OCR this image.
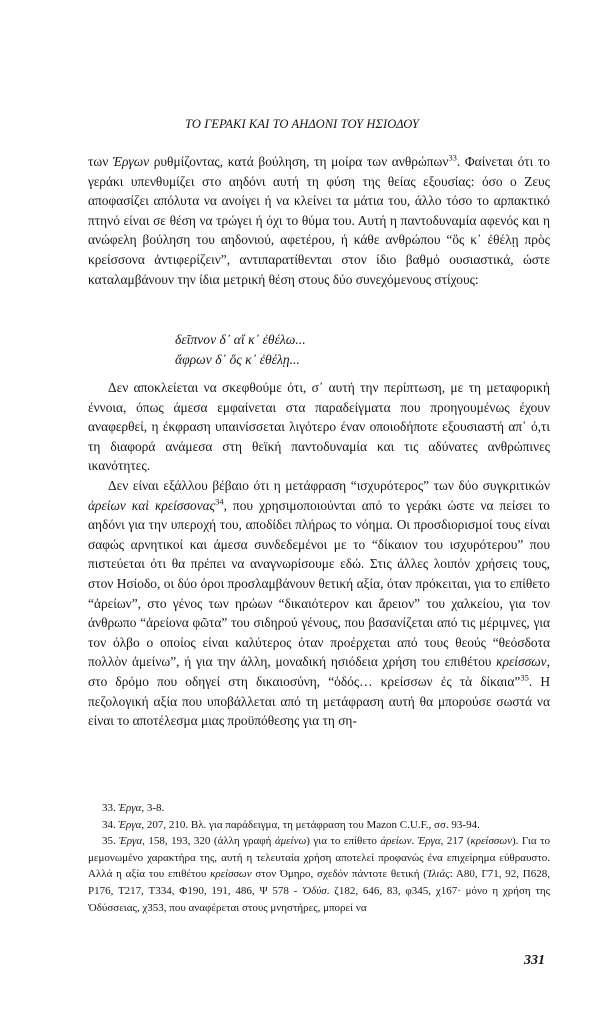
ΤΟ ΓΕΡΑΚΙ ΚΑΙ ΤΟ ΑΗΔΟΝΙ ΤΟΥ ΗΣΙΟΔΟΥ

των Έργων ρυθμίζοντας, κατά βούληση, τη μοίρα των ανθρώπων$^{33}$. Φαίνεται ότι το γεράκι υπενθυμίζει στο αηδόνι αυτή τη φύση της θείας εξουσίας: όσο ο Ζευς αποφασίζει απόλυτα να ανοίγει ή να κλείνει τα μάτια του, άλλο τόσο το αρπακτικό πτηνό είναι σε θέση να τρώγει ή όχι το θύμα του. Αυτή η παντοδυναμία αφενός και η ανώφελη βούληση του αηδονιού, αφετέρου, ή κάθε ανθρώπου “ὃς κ᾽ ἐθέλῃ πρὸς κρείσσονα ἀντιφερίζειν”, αντιπαρατίθενται στον ίδιο βαθμό ουσιαστικά, ώστε καταλαμβάνουν την ίδια μετρική θέση στους δύο συνεχόμενους στίχους:

δεῖπνον δ᾽ αἴ κ᾽ ἐθέλω...
ἄφρων δ᾽ ὅς κ᾽ ἐθέλῃ...

Δεν αποκλείεται να σκεφθούμε ότι, σ᾽ αυτή την περίπτωση, με τη μεταφορική έννοια, όπως άμεσα εμφαίνεται στα παραδείγματα που προηγουμένως έχουν αναφερθεί, η έκφραση υπαινίσσεται λιγότερο έναν οποιοδήποτε εξουσιαστή απ᾽ ό,τι τη διαφορά ανάμεσα στη θεϊκή παντοδυναμία και τις αδύνατες ανθρώπινες ικανότητες.

Δεν είναι εξάλλου βέβαιο ότι η μετάφραση “ισχυρότερος” των δύο συγκριτικών ἀρείων καὶ κρείσσονας$^{34}$, που χρησιμοποιούνται από το γεράκι ώστε να πείσει το αηδόνι για την υπεροχή του, αποδίδει πλήρως το νόημα. Οι προσδιορισμοί τους είναι σαφώς αρνητικοί και άμεσα συνδεδεμένοι με το “δίκαιον του ισχυρότερου” που πιστεύεται ότι θα πρέπει να αναγνωρίσουμε εδώ. Στις άλλες λοιπόν χρήσεις τους, στον Ησίοδο, οι δύο όροι προσλαμβάνουν θετική αξία, όταν πρόκειται, για το επίθετο “ἀρείων”, στο γένος των ηρώων “δικαιότερον και ἄρειον” του χαλκείου, για τον άνθρωπο “ἀρείονα φῶτα” του σιδηρού γένους, που βασανίζεται από τις μέριμνες, για τον όλβο ο οποίος είναι καλύτερος όταν προέρχεται από τους θεούς “θεόσδοτα πολλὸν ἀμείνω”, ή για την άλλη, μοναδική ησιόδεια χρήση του επιθέτου κρείσσων, στο δρόμο που οδηγεί στη δικαιοσύνη, “ὁδός… κρείσσων ἐς τὰ δίκαια”$^{35}$. Η πεζολογική αξία που υποβάλλεται από τη μετάφραση αυτή θα μπορούσε σωστά να είναι το αποτέλεσμα μιας προϋπόθεσης για τη ση-

33. Έργα, 3-8.

34. Έργα, 207, 210. Βλ. για παράδειγμα, τη μετάφραση του Mazon C.U.F., σσ. 93-94.

35. Έργα, 158, 193, 320 (άλλη γραφή ἀμείνω) για το επίθετο ἀρείων. Έργα, 217 (κρείσσων). Για το μεμονωμένο χαρακτήρα της, αυτή η τελευταία χρήση αποτελεί προφανώς ένα επιχείρημα εύθραυστο. Αλλά η αξία του επιθέτου κρείσσων στον Όμηρο, σχεδόν πάντοτε θετική (Ἰλιάς: Α80, Γ71, 92, Π628, Ρ176, Τ217, Τ334, Φ190, 191, 486, Ψ 578 - Ὀδύσ. ζ182, 646, 83, φ345, χ167· μόνο η χρήση της Ὀδύσσειας, χ353, που αναφέρεται στους μνηστήρες, μπορεί να

331
